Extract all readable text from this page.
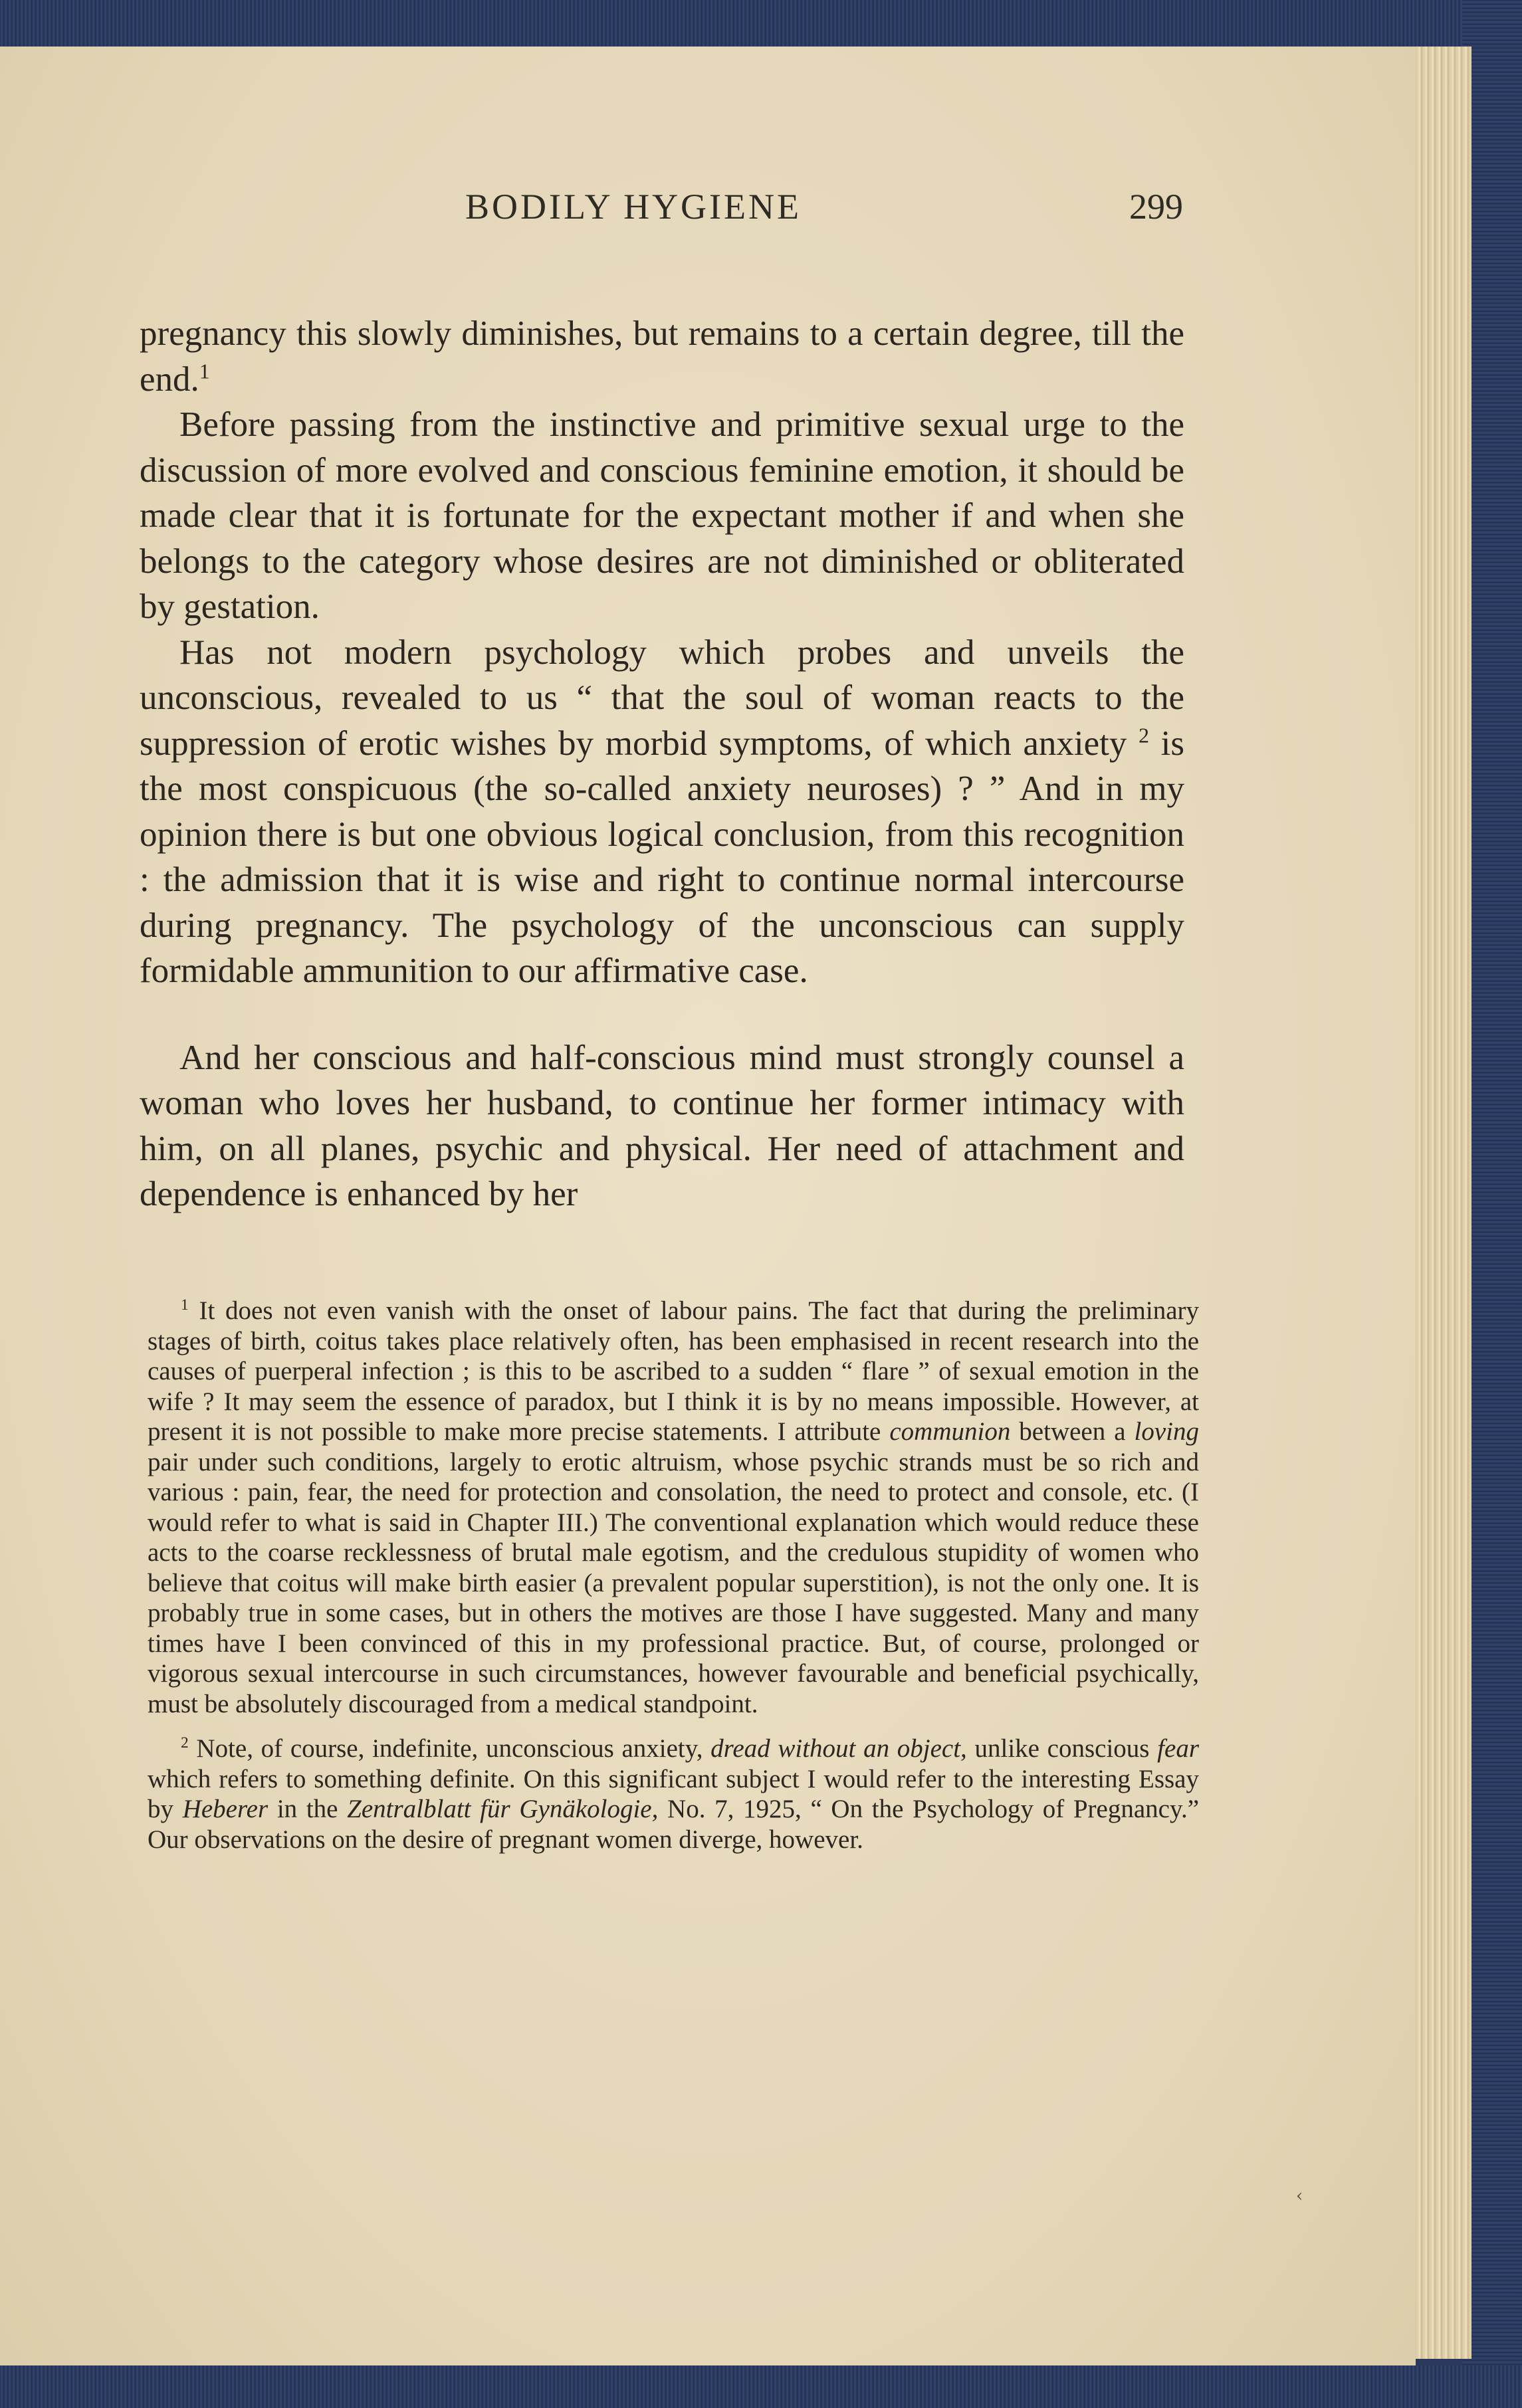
BODILY HYGIENE	299

pregnancy this slowly diminishes, but remains to a certain degree, till the end.$^1$

Before passing from the instinctive and primitive sexual urge to the discussion of more evolved and conscious feminine emotion, it should be made clear that it is fortunate for the expectant mother if and when she belongs to the category whose desires are not diminished or obliterated by gestation.

Has not modern psychology which probes and unveils the unconscious, revealed to us “ that the soul of woman reacts to the suppression of erotic wishes by morbid symptoms, of which anxiety $^2$ is the most conspicuous (the so-called anxiety neuroses) ? ” And in my opinion there is but one obvious logical conclusion, from this recognition : the admission that it is wise and right to continue normal intercourse during pregnancy. The psychology of the unconscious can supply formidable ammunition to our affirmative case.

And her conscious and half-conscious mind must strongly counsel a woman who loves her husband, to continue her former intimacy with him, on all planes, psychic and physical. Her need of attachment and dependence is enhanced by her

$^1$ It does not even vanish with the onset of labour pains. The fact that during the preliminary stages of birth, coitus takes place relatively often, has been emphasised in recent research into the causes of puerperal infection ; is this to be ascribed to a sudden “ flare ” of sexual emotion in the wife ? It may seem the essence of paradox, but I think it is by no means impossible. However, at present it is not possible to make more precise statements. I attribute communion between a loving pair under such conditions, largely to erotic altruism, whose psychic strands must be so rich and various : pain, fear, the need for protection and consolation, the need to protect and console, etc. (I would refer to what is said in Chapter III.) The conventional explanation which would reduce these acts to the coarse recklessness of brutal male egotism, and the credulous stupidity of women who believe that coitus will make birth easier (a prevalent popular superstition), is not the only one. It is probably true in some cases, but in others the motives are those I have suggested. Many and many times have I been convinced of this in my professional practice. But, of course, prolonged or vigorous sexual intercourse in such circumstances, however favourable and beneficial psychically, must be absolutely discouraged from a medical standpoint.

$^2$ Note, of course, indefinite, unconscious anxiety, dread without an object, unlike conscious fear which refers to something definite. On this significant subject I would refer to the interesting Essay by Heberer in the Zentralblatt für Gynäkologie, No. 7, 1925, “ On the Psychology of Pregnancy.” Our observations on the desire of pregnant women diverge, however.

‹
